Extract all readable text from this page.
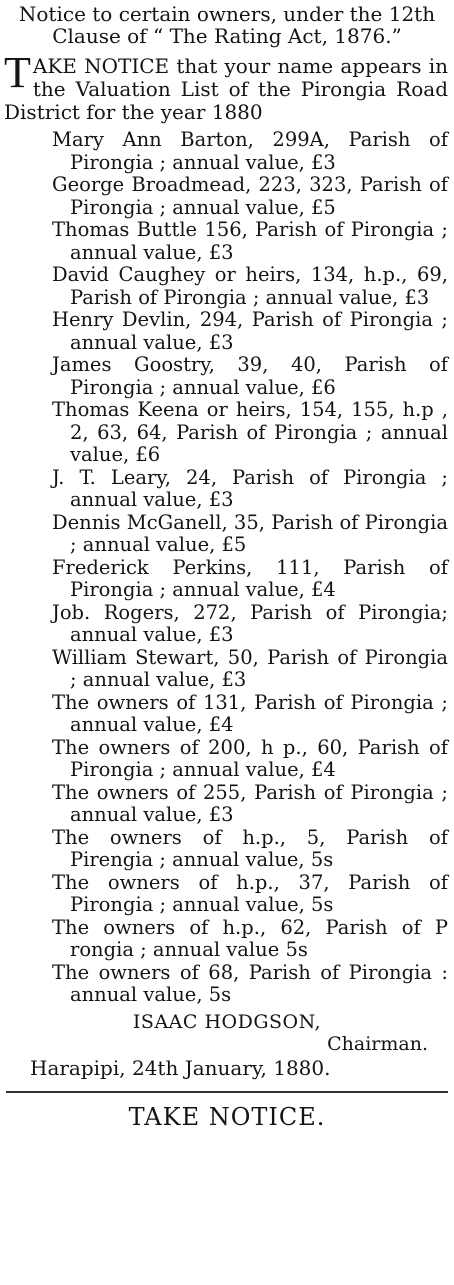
Notice to certain owners, under the 12th
Clause of “ The Rating Act, 1876.”
T AKE NOTICE that your name appears in the Valuation List of the Pirongia Road District for the year 1880
Mary Ann Barton, 299A, Parish of Pirongia ; annual value, £3
George Broadmead, 223, 323, Parish of Pirongia ; annual value, £5
Thomas Buttle 156, Parish of Pirongia ; annual value, £3
David Caughey or heirs, 134, h.p., 69, Parish of Pirongia ; annual value, £3
Henry Devlin, 294, Parish of Pirongia ; annual value, £3
James Goostry, 39, 40, Parish of Pirongia ; annual value, £6
Thomas Keena or heirs, 154, 155, h.p , 2, 63, 64, Parish of Pirongia ; annual value, £6
J. T. Leary, 24, Parish of Pirongia ; annual value, £3
Dennis McGanell, 35, Parish of Pirongia ; annual value, £5
Frederick Perkins, 111, Parish of Pirongia ; annual value, £4
Job. Rogers, 272, Parish of Pirongia; annual value, £3
William Stewart, 50, Parish of Pirongia ; annual value, £3
The owners of 131, Parish of Pirongia ; annual value, £4
The owners of 200, h p., 60, Parish of Pirongia ; annual value, £4
The owners of 255, Parish of Pirongia ; annual value, £3
The owners of h.p., 5, Parish of Pirengia ; annual value, 5s
The owners of h.p., 37, Parish of Pirongia ; annual value, 5s
The owners of h.p., 62, Parish of P rongia ; annual value 5s
The owners of 68, Parish of Pirongia : annual value, 5s
ISAAC HODGSON,
Chairman.
Harapipi, 24th January, 1880.
TAKE NOTICE.
